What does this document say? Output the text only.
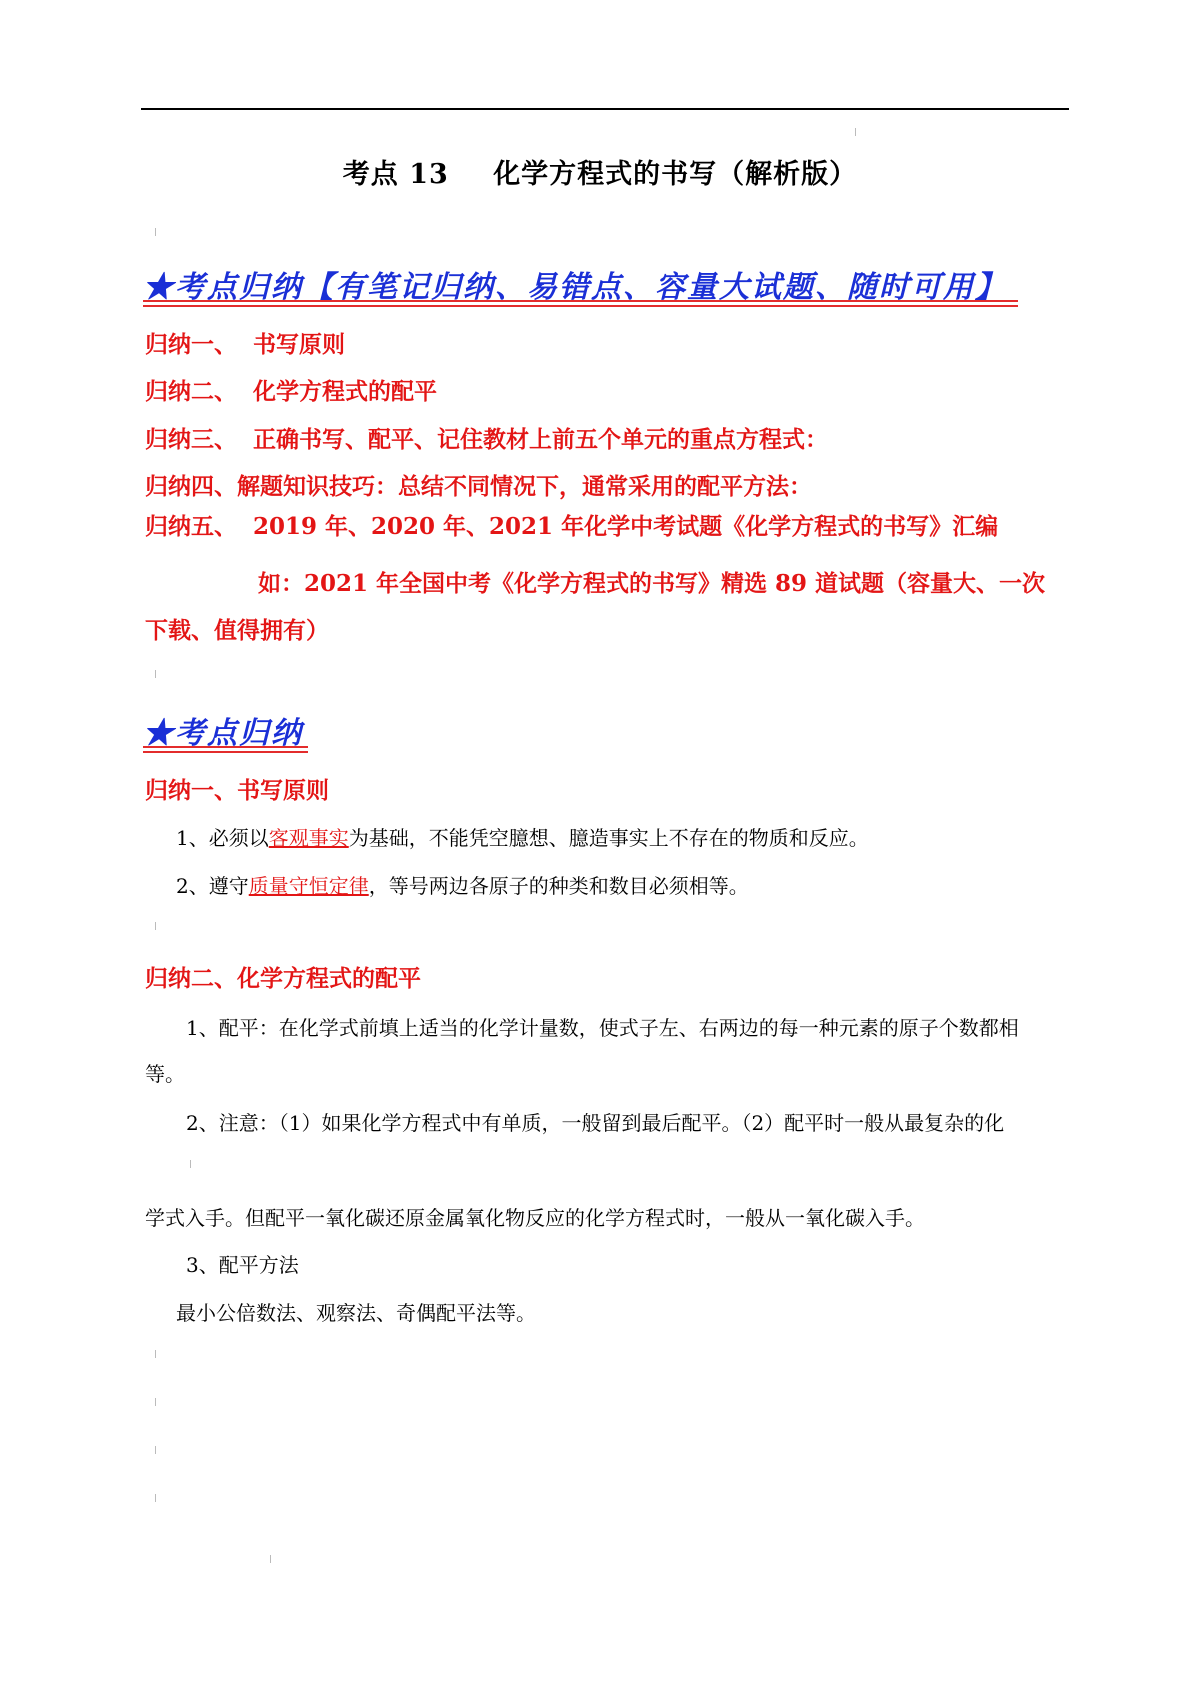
考点 13 化学方程式的书写（解析版）
★考点归纳【有笔记归纳、易错点、容量大试题、随时可用】
归纳一、 书写原则
归纳二、 化学方程式的配平
归纳三、 正确书写、配平、记住教材上前五个单元的重点方程式：
归纳四、解题知识技巧：总结不同情况下，通常采用的配平方法：
归纳五、 2019 年、2020 年、2021 年化学中考试题《化学方程式的书写》汇编
如：2021 年全国中考《化学方程式的书写》精选 89 道试题（容量大、一次
下载、值得拥有）
★考点归纳
归纳一、书写原则
1、必须以客观事实为基础，不能凭空臆想、臆造事实上不存在的物质和反应。
2、遵守质量守恒定律，等号两边各原子的种类和数目必须相等。
归纳二、化学方程式的配平
1、配平：在化学式前填上适当的化学计量数，使式子左、右两边的每一种元素的原子个数都相
等。
2、注意：（1）如果化学方程式中有单质，一般留到最后配平。（2）配平时一般从最复杂的化
学式入手。但配平一氧化碳还原金属氧化物反应的化学方程式时，一般从一氧化碳入手。
3、配平方法
最小公倍数法、观察法、奇偶配平法等。
